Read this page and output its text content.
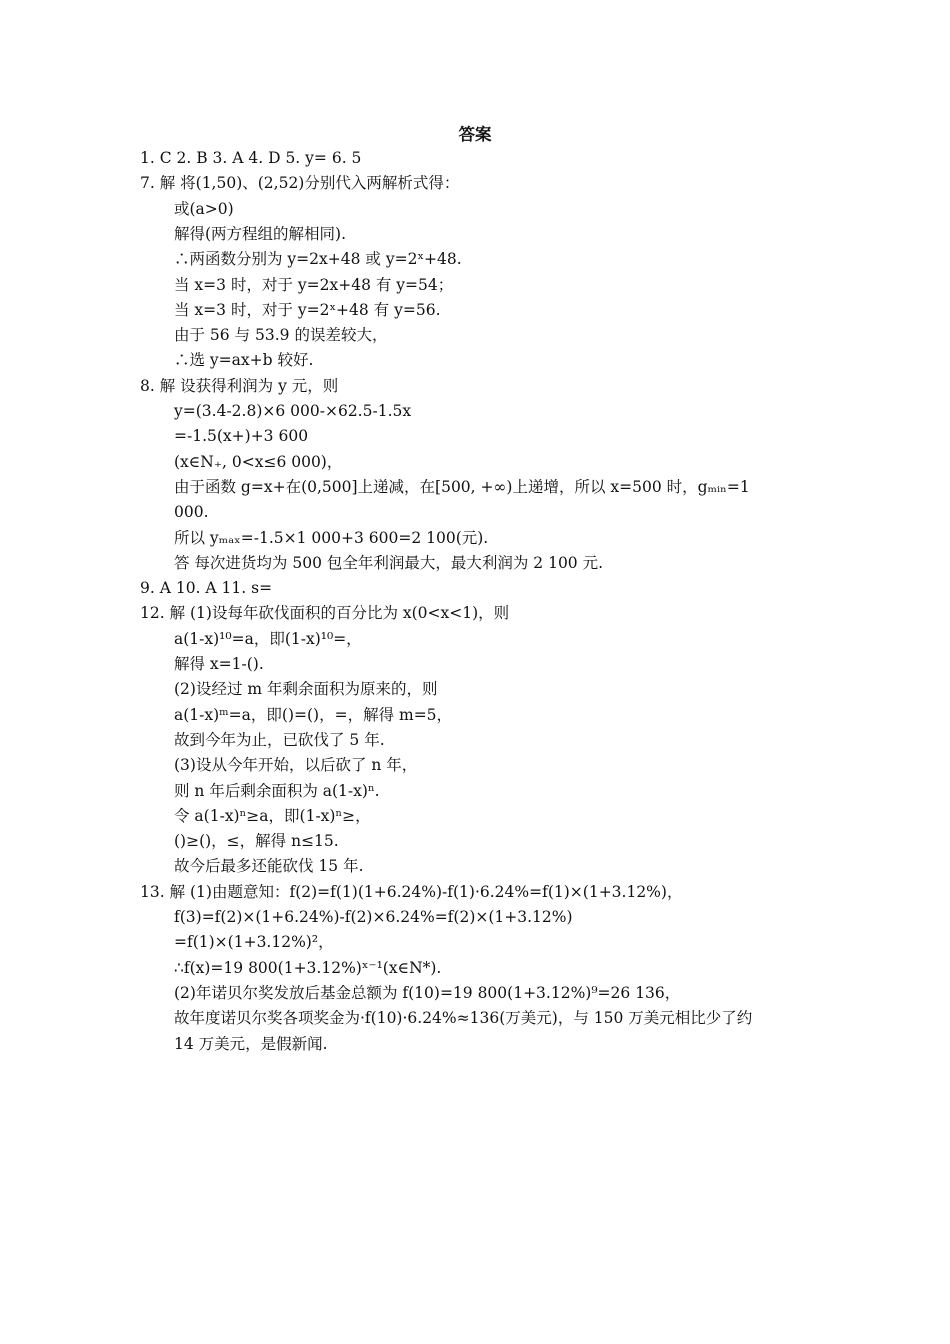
答案
1. C 2. B 3. A 4. D 5. y= 6. 5
7. 解 将(1,50)、(2,52)分别代入两解析式得：
或(a>0)
解得(两方程组的解相同).
∴两函数分别为 y=2x+48 或 y=2ˣ+48.
当 x=3 时，对于 y=2x+48 有 y=54；
当 x=3 时，对于 y=2ˣ+48 有 y=56.
由于 56 与 53.9 的误差较大，
∴选 y=ax+b 较好.
8. 解 设获得利润为 y 元，则
y=(3.4-2.8)×6 000-×62.5-1.5x
=-1.5(x+)+3 600
(x∈N₊, 0<x≤6 000)，
由于函数 g=x+在(0,500]上递减，在[500, +∞)上递增，所以 x=500 时，gₘᵢₙ=1
000.
所以 yₘₐₓ=-1.5×1 000+3 600=2 100(元).
答 每次进货均为 500 包全年利润最大，最大利润为 2 100 元.
9. A 10. A 11. s=
12. 解 (1)设每年砍伐面积的百分比为 x(0<x<1)，则
a(1-x)¹⁰=a，即(1-x)¹⁰=，
解得 x=1-().
(2)设经过 m 年剩余面积为原来的，则
a(1-x)ᵐ=a，即()=()，=，解得 m=5，
故到今年为止，已砍伐了 5 年.
(3)设从今年开始，以后砍了 n 年，
则 n 年后剩余面积为 a(1-x)ⁿ.
令 a(1-x)ⁿ≥a，即(1-x)ⁿ≥，
()≥()，≤，解得 n≤15.
故今后最多还能砍伐 15 年.
13. 解 (1)由题意知：f(2)=f(1)(1+6.24%)-f(1)·6.24%=f(1)×(1+3.12%)，
f(3)=f(2)×(1+6.24%)-f(2)×6.24%=f(2)×(1+3.12%)
=f(1)×(1+3.12%)²，
∴f(x)=19 800(1+3.12%)ˣ⁻¹(x∈N*).
(2)年诺贝尔奖发放后基金总额为 f(10)=19 800(1+3.12%)⁹=26 136，
故年度诺贝尔奖各项奖金为·f(10)·6.24%≈136(万美元)，与 150 万美元相比少了约
14 万美元，是假新闻.
